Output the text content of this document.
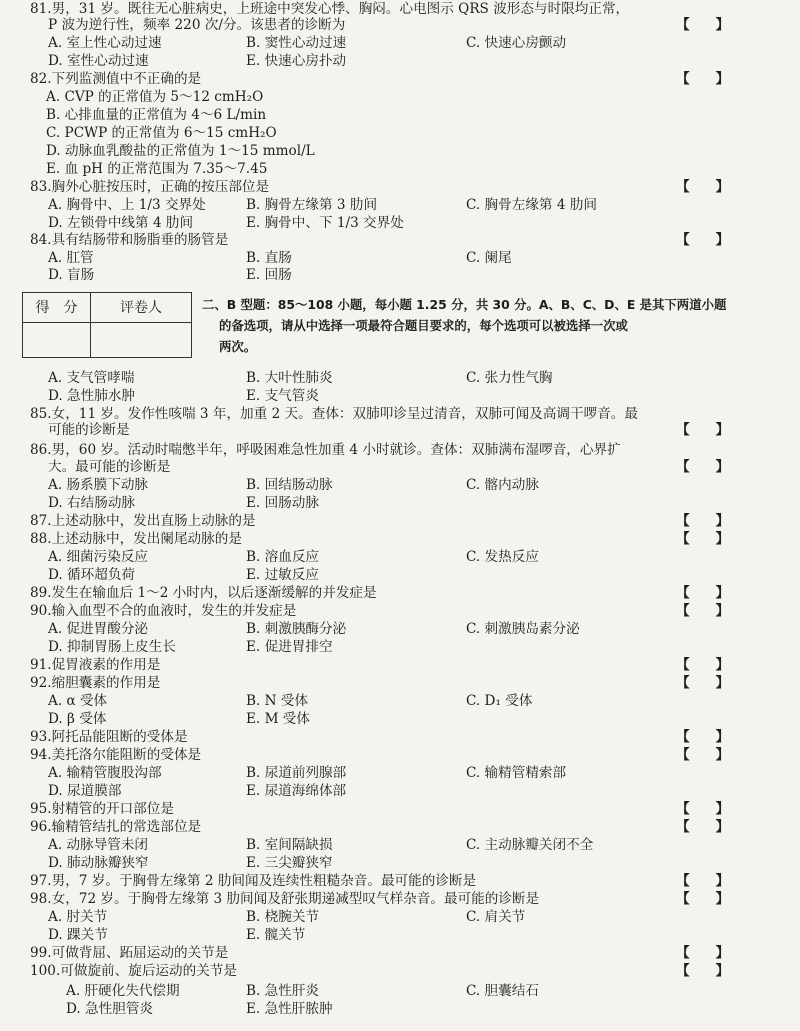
81.男，31 岁。既往无心脏病史，上班途中突发心悸、胸闷。心电图示 QRS 波形态与时限均正常，
P 波为逆行性，频率 220 次/分。该患者的诊断为	【】
A. 室上性心动过速	B. 窦性心动过速	C. 快速心房颤动
D. 室性心动过速	E. 快速心房扑动
82.下列监测值中不正确的是	【】
A. CVP 的正常值为 5～12 cmH₂O
B. 心排血量的正常值为 4～6 L/min
C. PCWP 的正常值为 6～15 cmH₂O
D. 动脉血乳酸盐的正常值为 1～15 mmol/L
E. 血 pH 的正常范围为 7.35～7.45
83.胸外心脏按压时，正确的按压部位是	【】
A. 胸骨中、上 1/3 交界处	B. 胸骨左缘第 3 肋间	C. 胸骨左缘第 4 肋间
D. 左锁骨中线第 4 肋间	E. 胸骨中、下 1/3 交界处
84.具有结肠带和肠脂垂的肠管是	【】
A. 肛管	B. 直肠	C. 阑尾
D. 盲肠	E. 回肠
得　分	评卷人	二、B 型题：85～108 小题，每小题 1.25 分，共 30 分。A、B、C、D、E 是其下两道小题
的备选项，请从中选择一项最符合题目要求的，每个选项可以被选择一次或
两次。
A. 支气管哮喘	B. 大叶性肺炎	C. 张力性气胸
D. 急性肺水肿	E. 支气管炎
85.女，11 岁。发作性咳喘 3 年，加重 2 天。查体：双肺叩诊呈过清音，双肺可闻及高调干啰音。最
可能的诊断是	【】
86.男，60 岁。活动时喘憋半年，呼吸困难急性加重 4 小时就诊。查体：双肺满布湿啰音，心界扩
大。最可能的诊断是	【】
A. 肠系膜下动脉	B. 回结肠动脉	C. 髂内动脉
D. 右结肠动脉	E. 回肠动脉
87.上述动脉中，发出直肠上动脉的是	【】
88.上述动脉中，发出阑尾动脉的是	【】
A. 细菌污染反应	B. 溶血反应	C. 发热反应
D. 循环超负荷	E. 过敏反应
89.发生在输血后 1～2 小时内，以后逐渐缓解的并发症是	【】
90.输入血型不合的血液时，发生的并发症是	【】
A. 促进胃酸分泌	B. 刺激胰酶分泌	C. 刺激胰岛素分泌
D. 抑制胃肠上皮生长	E. 促进胃排空
91.促胃液素的作用是	【】
92.缩胆囊素的作用是	【】
A. α 受体	B. N 受体	C. D₁ 受体
D. β 受体	E. M 受体
93.阿托品能阻断的受体是	【】
94.美托洛尔能阻断的受体是	【】
A. 输精管腹股沟部	B. 尿道前列腺部	C. 输精管精索部
D. 尿道膜部	E. 尿道海绵体部
95.射精管的开口部位是	【】
96.输精管结扎的常选部位是	【】
A. 动脉导管未闭	B. 室间隔缺损	C. 主动脉瓣关闭不全
D. 肺动脉瓣狭窄	E. 三尖瓣狭窄
97.男，7 岁。于胸骨左缘第 2 肋间闻及连续性粗糙杂音。最可能的诊断是	【】
98.女，72 岁。于胸骨左缘第 3 肋间闻及舒张期递减型叹气样杂音。最可能的诊断是	【】
A. 肘关节	B. 桡腕关节	C. 肩关节
D. 踝关节	E. 髋关节
99.可做背屈、跖屈运动的关节是	【】
100.可做旋前、旋后运动的关节是	【】
A. 肝硬化失代偿期	B. 急性肝炎	C. 胆囊结石
D. 急性胆管炎	E. 急性肝脓肿
